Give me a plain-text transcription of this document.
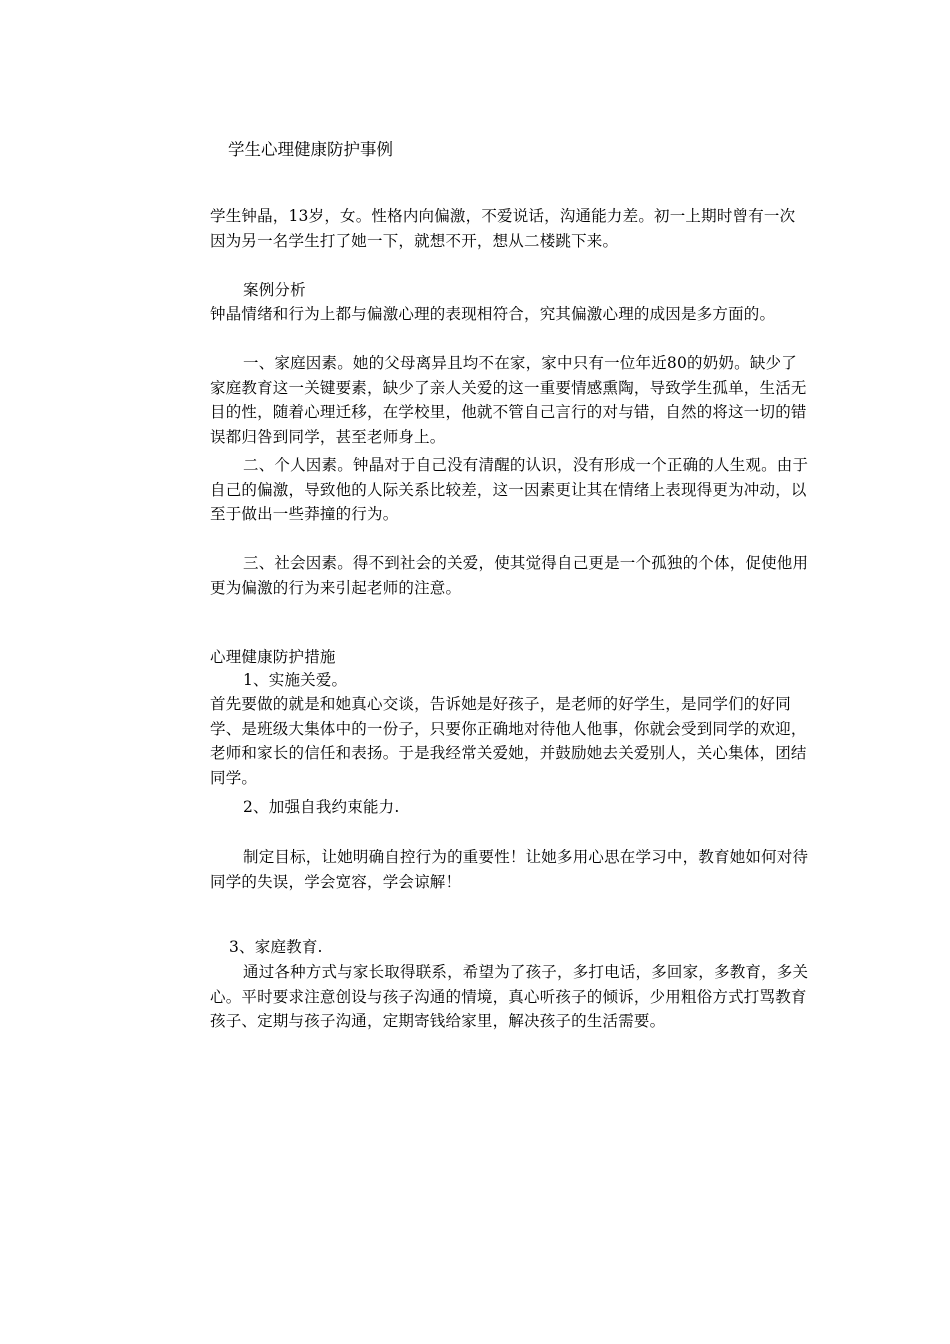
学生心理健康防护事例

学生钟晶，13岁，女。性格内向偏激，不爱说话，沟通能力差。初一上期时曾有一次因为另一名学生打了她一下，就想不开，想从二楼跳下来。

案例分析

钟晶情绪和行为上都与偏激心理的表现相符合，究其偏激心理的成因是多方面的。

一、家庭因素。她的父母离异且均不在家，家中只有一位年近80的奶奶。缺少了家庭教育这一关键要素，缺少了亲人关爱的这一重要情感熏陶，导致学生孤单，生活无目的性，随着心理迁移，在学校里，他就不管自己言行的对与错，自然的将这一切的错误都归咎到同学，甚至老师身上。

二、个人因素。钟晶对于自己没有清醒的认识，没有形成一个正确的人生观。由于自己的偏激，导致他的人际关系比较差，这一因素更让其在情绪上表现得更为冲动，以至于做出一些莽撞的行为。

三、社会因素。得不到社会的关爱，使其觉得自己更是一个孤独的个体，促使他用更为偏激的行为来引起老师的注意。

心理健康防护措施

1、实施关爱。

首先要做的就是和她真心交谈，告诉她是好孩子，是老师的好学生，是同学们的好同学、是班级大集体中的一份子，只要你正确地对待他人他事，你就会受到同学的欢迎，老师和家长的信任和表扬。于是我经常关爱她，并鼓励她去关爱别人，关心集体，团结同学。

2、加强自我约束能力.

制定目标，让她明确自控行为的重要性！让她多用心思在学习中，教育她如何对待同学的失误，学会宽容，学会谅解！

3、家庭教育.

通过各种方式与家长取得联系，希望为了孩子，多打电话，多回家，多教育，多关心。平时要求注意创设与孩子沟通的情境，真心听孩子的倾诉，少用粗俗方式打骂教育孩子、定期与孩子沟通，定期寄钱给家里，解决孩子的生活需要。
